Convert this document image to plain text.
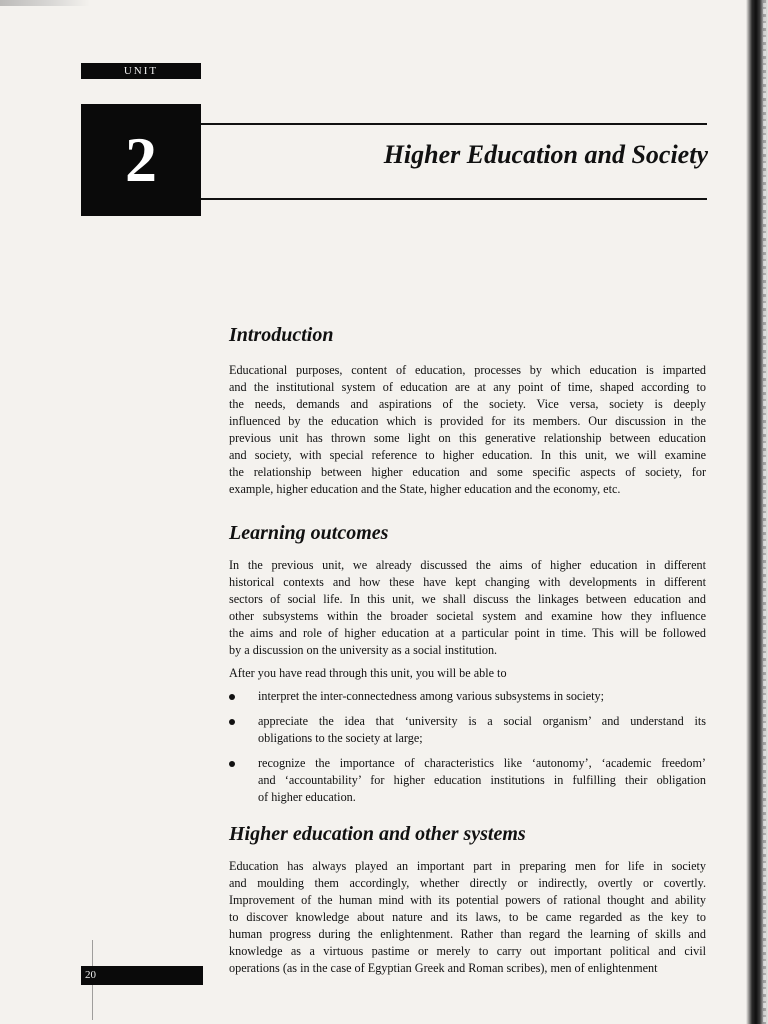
UNIT
2	Higher Education and Society
Introduction
Educational purposes, content of education, processes by which education is imparted
and the institutional system of education are at any point of time, shaped according to
the needs, demands and aspirations of the society. Vice versa, society is deeply
influenced by the education which is provided for its members. Our discussion in the
previous unit has thrown some light on this generative relationship between education
and society, with special reference to higher education. In this unit, we will examine
the relationship between higher education and some specific aspects of society, for
example, higher education and the State, higher education and the economy, etc.
Learning outcomes
In the previous unit, we already discussed the aims of higher education in different
historical contexts and how these have kept changing with developments in different
sectors of social life. In this unit, we shall discuss the linkages between education and
other subsystems within the broader societal system and examine how they influence
the aims and role of higher education at a particular point in time. This will be followed
by a discussion on the university as a social institution.
After you have read through this unit, you will be able to
interpret the inter-connectedness among various subsystems in society;
appreciate the idea that ‘university is a social organism’ and understand its
obligations to the society at large;
recognize the importance of characteristics like ‘autonomy’, ‘academic freedom’
and ‘accountability’ for higher education institutions in fulfilling their obligation
of higher education.
Higher education and other systems
Education has always played an important part in preparing men for life in society
and moulding them accordingly, whether directly or indirectly, overtly or covertly.
Improvement of the human mind with its potential powers of rational thought and ability
to discover knowledge about nature and its laws, to be came regarded as the key to
human progress during the enlightenment. Rather than regard the learning of skills and
knowledge as a virtuous pastime or merely to carry out important political and civil
operations (as in the case of Egyptian Greek and Roman scribes), men of enlightenment
20
